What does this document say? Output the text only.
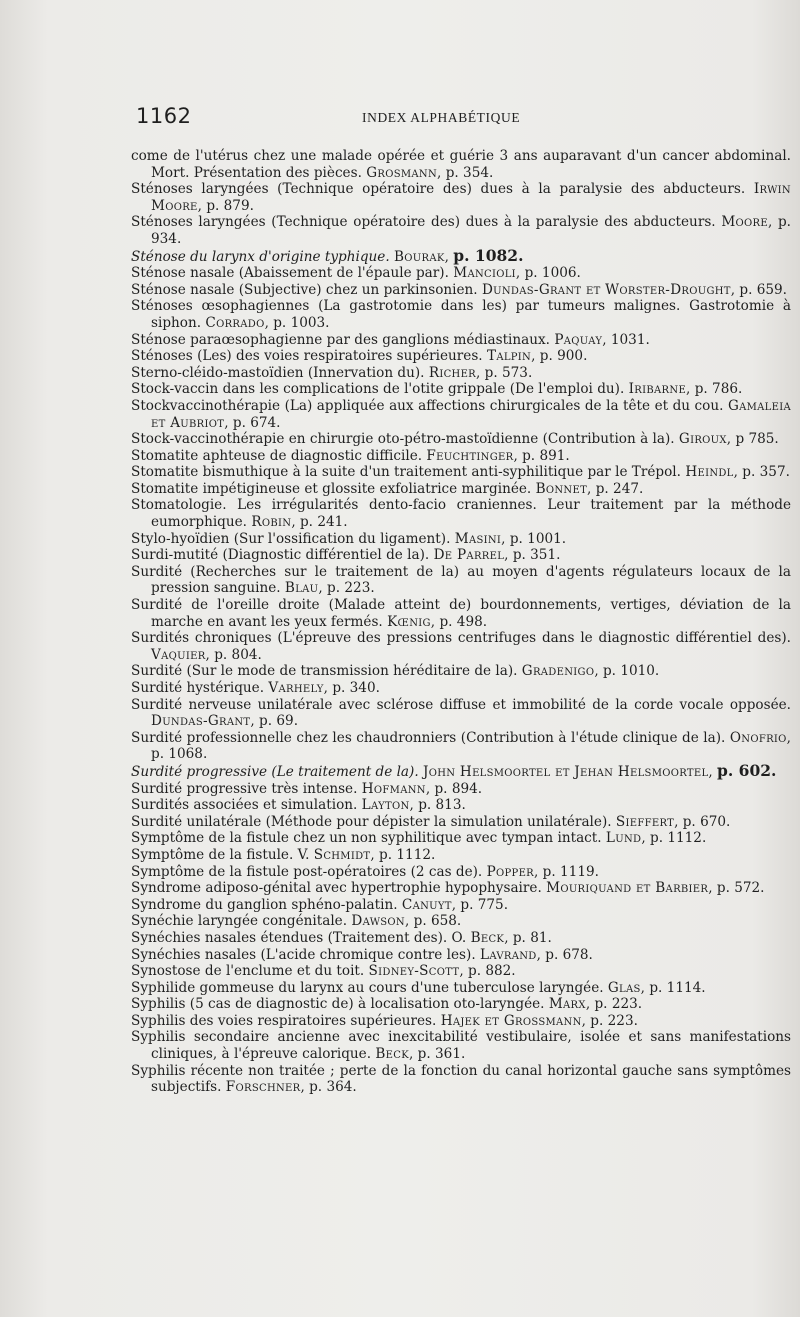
1162	INDEX ALPHABÉTIQUE

come de l'utérus chez une malade opérée et guérie 3 ans auparavant d'un cancer abdominal. Mort. Présentation des pièces. Grosmann, p. 354.

Sténoses laryngées (Technique opératoire des) dues à la paralysie des abducteurs. Irwin Moore, p. 879.

Sténoses laryngées (Technique opératoire des) dues à la paralysie des abducteurs. Moore, p. 934.

Sténose du larynx d'origine typhique. Bourak, p. 1082.

Sténose nasale (Abaissement de l'épaule par). Mancioli, p. 1006.

Sténose nasale (Subjective) chez un parkinsonien. Dundas-Grant et Worster-Drought, p. 659.

Sténoses œsophagiennes (La gastrotomie dans les) par tumeurs malignes. Gastrotomie à siphon. Corrado, p. 1003.

Sténose paraœsophagienne par des ganglions médiastinaux. Paquay, 1031.

Sténoses (Les) des voies respiratoires supérieures. Talpin, p. 900.

Sterno-cléido-mastoïdien (Innervation du). Richer, p. 573.

Stock-vaccin dans les complications de l'otite grippale (De l'emploi du). Iribarne, p. 786.

Stockvaccinothérapie (La) appliquée aux affections chirurgicales de la tête et du cou. Gamaleia et Aubriot, p. 674.

Stock-vaccinothérapie en chirurgie oto-pétro-mastoïdienne (Contribution à la). Giroux, p 785.

Stomatite aphteuse de diagnostic difficile. Feuchtinger, p. 891.

Stomatite bismuthique à la suite d'un traitement anti-syphilitique par le Trépol. Heindl, p. 357.

Stomatite impétigineuse et glossite exfoliatrice marginée. Bonnet, p. 247.

Stomatologie. Les irrégularités dento-facio craniennes. Leur traitement par la méthode eumorphique. Robin, p. 241.

Stylo-hyoïdien (Sur l'ossification du ligament). Masini, p. 1001.

Surdi-mutité (Diagnostic différentiel de la). De Parrel, p. 351.

Surdité (Recherches sur le traitement de la) au moyen d'agents régulateurs locaux de la pression sanguine. Blau, p. 223.

Surdité de l'oreille droite (Malade atteint de) bourdonnements, vertiges, déviation de la marche en avant les yeux fermés. Kœnig, p. 498.

Surdités chroniques (L'épreuve des pressions centrifuges dans le diagnostic différentiel des). Vaquier, p. 804.

Surdité (Sur le mode de transmission héréditaire de la). Gradenigo, p. 1010.

Surdité hystérique. Varhely, p. 340.

Surdité nerveuse unilatérale avec sclérose diffuse et immobilité de la corde vocale opposée. Dundas-Grant, p. 69.

Surdité professionnelle chez les chaudronniers (Contribution à l'étude clinique de la). Onofrio, p. 1068.

Surdité progressive (Le traitement de la). John Helsmoortel et Jehan Helsmoortel, p. 602.

Surdité progressive très intense. Hofmann, p. 894.

Surdités associées et simulation. Layton, p. 813.

Surdité unilatérale (Méthode pour dépister la simulation unilatérale). Sieffert, p. 670.

Symptôme de la fistule chez un non syphilitique avec tympan intact. Lund, p. 1112.

Symptôme de la fistule. V. Schmidt, p. 1112.

Symptôme de la fistule post-opératoires (2 cas de). Popper, p. 1119.

Syndrome adiposo-génital avec hypertrophie hypophysaire. Mouriquand et Barbier, p. 572.

Syndrome du ganglion sphéno-palatin. Canuyt, p. 775.

Synéchie laryngée congénitale. Dawson, p. 658.

Synéchies nasales étendues (Traitement des). O. Beck, p. 81.

Synéchies nasales (L'acide chromique contre les). Lavrand, p. 678.

Synostose de l'enclume et du toit. Sidney-Scott, p. 882.

Syphilide gommeuse du larynx au cours d'une tuberculose laryngée. Glas, p. 1114.

Syphilis (5 cas de diagnostic de) à localisation oto-laryngée. Marx, p. 223.

Syphilis des voies respiratoires supérieures. Hajek et Grossmann, p. 223.

Syphilis secondaire ancienne avec inexcitabilité vestibulaire, isolée et sans manifestations cliniques, à l'épreuve calorique. Beck, p. 361.

Syphilis récente non traitée ; perte de la fonction du canal horizontal gauche sans symptômes subjectifs. Forschner, p. 364.
